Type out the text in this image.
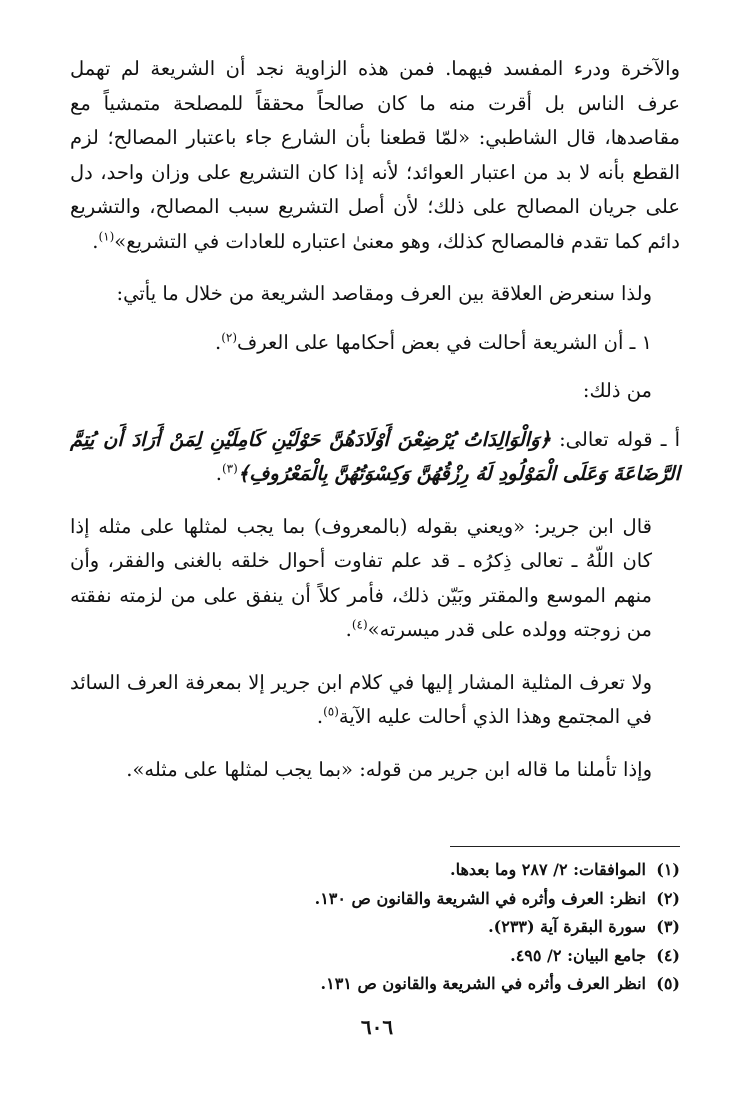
والآخرة ودرء المفسد فيهما. فمن هذه الزاوية نجد أن الشريعة لم تهمل عرف الناس بل أقرت منه ما كان صالحاً محققاً للمصلحة متمشياً مع مقاصدها، قال الشاطبي: «لمّا قطعنا بأن الشارع جاء باعتبار المصالح؛ لزم القطع بأنه لا بد من اعتبار العوائد؛ لأنه إذا كان التشريع على وزان واحد، دل على جريان المصالح على ذلك؛ لأن أصل التشريع سبب المصالح، والتشريع دائم كما تقدم فالمصالح كذلك، وهو معنىٰ اعتباره للعادات في التشريع»$^{(١)}$.

ولذا سنعرض العلاقة بين العرف ومقاصد الشريعة من خلال ما يأتي:

١ ـ أن الشريعة أحالت في بعض أحكامها على العرف$^{(٢)}$.

من ذلك:

أ ـ قوله تعالى: ﴿وَالْوَالِدَاتُ يُرْضِعْنَ أَوْلَادَهُنَّ حَوْلَيْنِ كَامِلَيْنِ لِمَنْ أَرَادَ أَن يُتِمَّ الرَّضَاعَةَ وَعَلَى الْمَوْلُودِ لَهُ رِزْقُهُنَّ وَكِسْوَتُهُنَّ بِالْمَعْرُوفِ﴾$^{(٣)}$.

قال ابن جرير: «ويعني بقوله (بالمعروف) بما يجب لمثلها على مثله إذا كان اللّهُ ـ تعالى ذِكرُه ـ قد علم تفاوت أحوال خلقه بالغنى والفقر، وأن منهم الموسع والمقتر وبَيّن ذلك، فأمر كلاً أن ينفق على من لزمته نفقته من زوجته وولده على قدر ميسرته»$^{(٤)}$.

ولا تعرف المثلية المشار إليها في كلام ابن جرير إلا بمعرفة العرف السائد في المجتمع وهذا الذي أحالت عليه الآية$^{(٥)}$.

وإذا تأملنا ما قاله ابن جرير من قوله: «بما يجب لمثلها على مثله».

(١)الموافقات: ٢/ ٢٨٧ وما بعدها.
(٢)انظر: العرف وأثره في الشريعة والقانون ص ١٣٠.
(٣)سورة البقرة آية (٢٣٣).
(٤)جامع البيان: ٢/ ٤٩٥.
(٥)انظر العرف وأثره في الشريعة والقانون ص ١٣١.
٦٠٦
